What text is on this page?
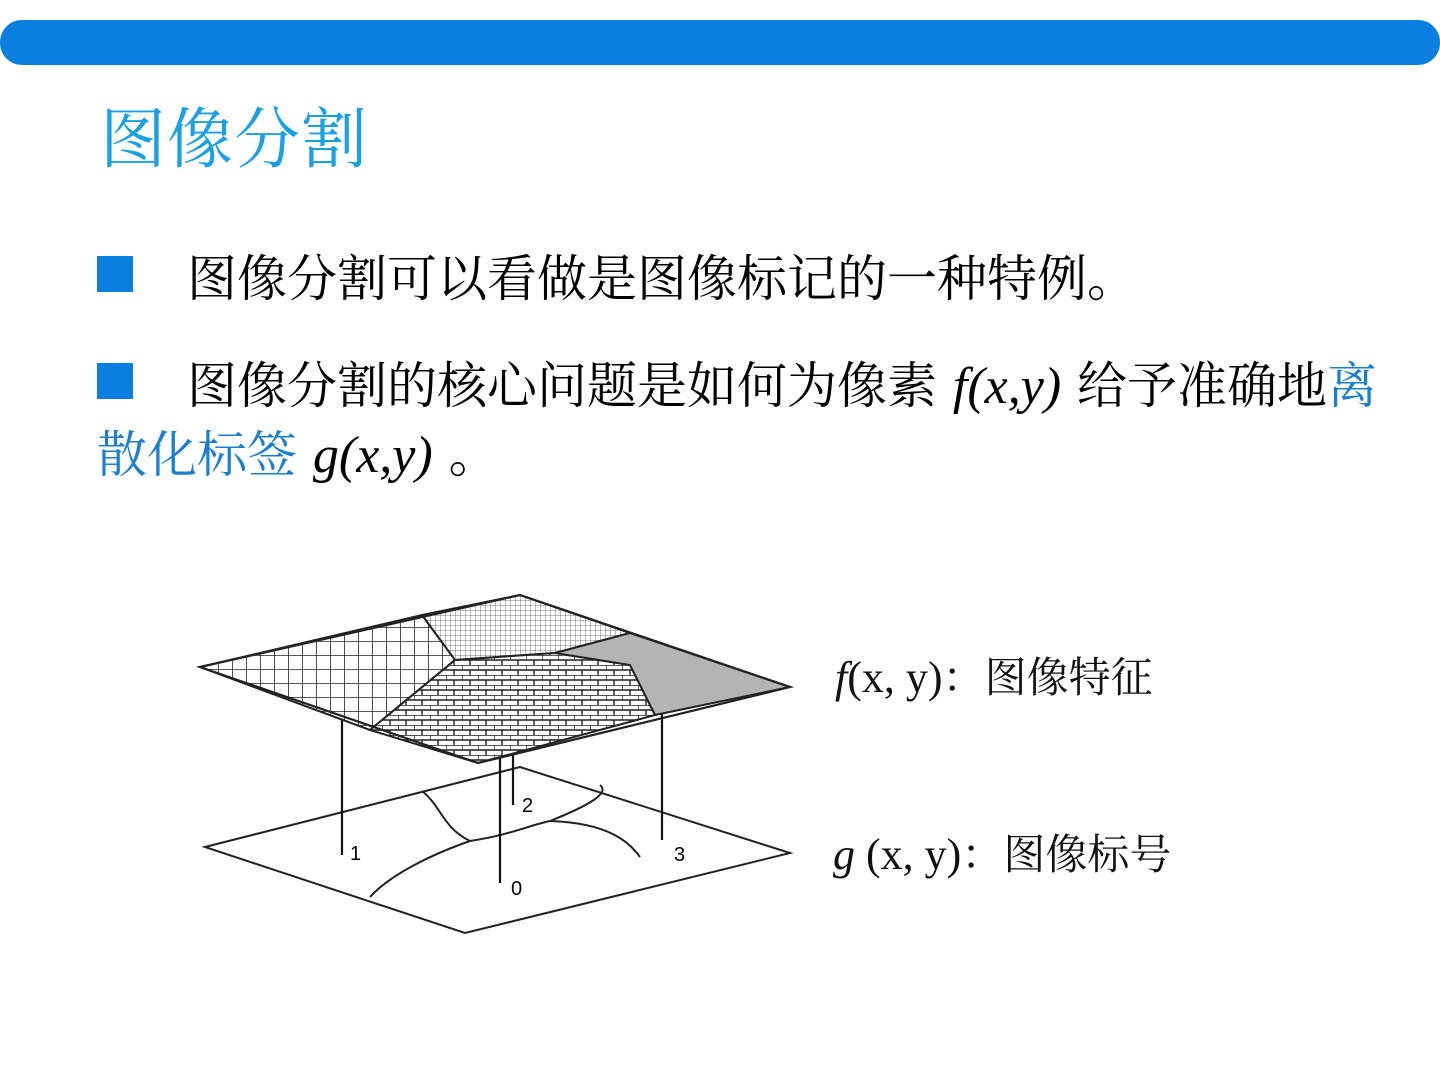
图像分割
图像分割可以看做是图像标记的一种特例。
图像分割的核心问题是如何为像素 f(x,y) 给予准确地离散化标签 g(x,y) 。
1
2
0
3
f(x, y)：图像特征
g (x, y)：图像标号
